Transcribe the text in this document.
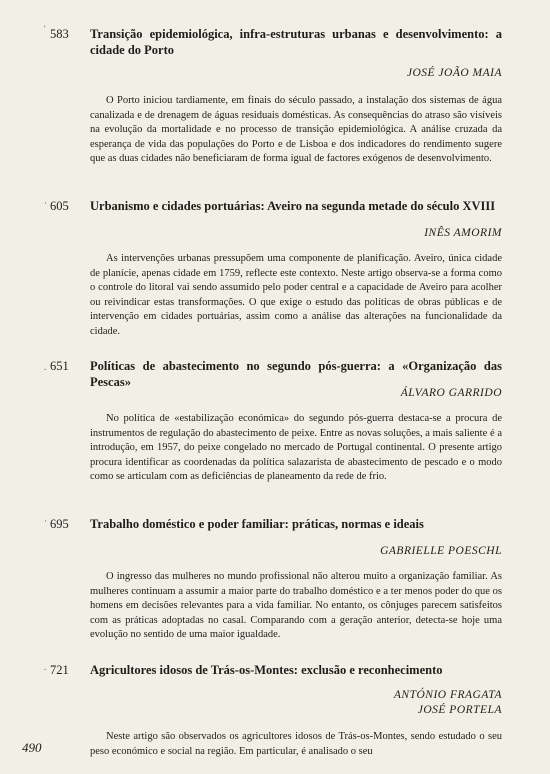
' 583	Transição epidemiológica, infra-estruturas urbanas e desenvolvimento: a cidade do Porto
JOSÉ JOÃO MAIA

O Porto iniciou tardiamente, em finais do século passado, a instalação dos sistemas de água canalizada e de drenagem de águas residuais domésticas. As consequências do atraso são visíveis na evolução da mortalidade e no processo de transição epidemiológica. A análise cruzada da esperança de vida das populações do Porto e de Lisboa e dos indicadores do rendimento sugere que as duas cidades não beneficiaram de forma igual de factores exógenos de desenvolvimento.

· 605	Urbanismo e cidades portuárias: Aveiro na segunda metade do século XVIII
INÊS AMORIM

As intervenções urbanas pressupõem uma componente de planificação. Aveiro, única cidade de planície, apenas cidade em 1759, reflecte este contexto. Neste artigo observa-se a forma como o controle do litoral vai sendo assumido pelo poder central e a capacidade de Aveiro para acolher ou reivindicar estas transformações. O que exige o estudo das políticas de obras públicas e de intervenção em cidades portuárias, assim como a análise das alterações na funcionalidade da cidade.

. 651	Políticas de abastecimento no segundo pós-guerra: a «Organização das Pescas»
ÁLVARO GARRIDO

No política de «estabilização económica» do segundo pós-guerra destaca-se a procura de instrumentos de regulação do abastecimento de peixe. Entre as novas soluções, a mais saliente é a introdução, em 1957, do peixe congelado no mercado de Portugal continental. O presente artigo procura identificar as coordenadas da política salazarista de abastecimento de pescado e o modo como se articulam com as deficiências de planeamento da rede de frio.

· 695	Trabalho doméstico e poder familiar: práticas, normas e ideais
GABRIELLE POESCHL

O ingresso das mulheres no mundo profissional não alterou muito a organização familiar. As mulheres continuam a assumir a maior parte do trabalho doméstico e a ter menos poder do que os homens em decisões relevantes para a vida familiar. No entanto, os cônjuges parecem satisfeitos com as práticas adoptadas no casal. Comparando com a geração anterior, detecta-se hoje uma evolução no sentido de uma maior igualdade.

. 721	Agricultores idosos de Trás-os-Montes: exclusão e reconhecimento
ANTÓNIO FRAGATA
JOSÉ PORTELA

Neste artigo são observados os agricultores idosos de Trás-os-Montes, sendo estudado o seu peso económico e social na região. Em particular, é analisado o seu

490
